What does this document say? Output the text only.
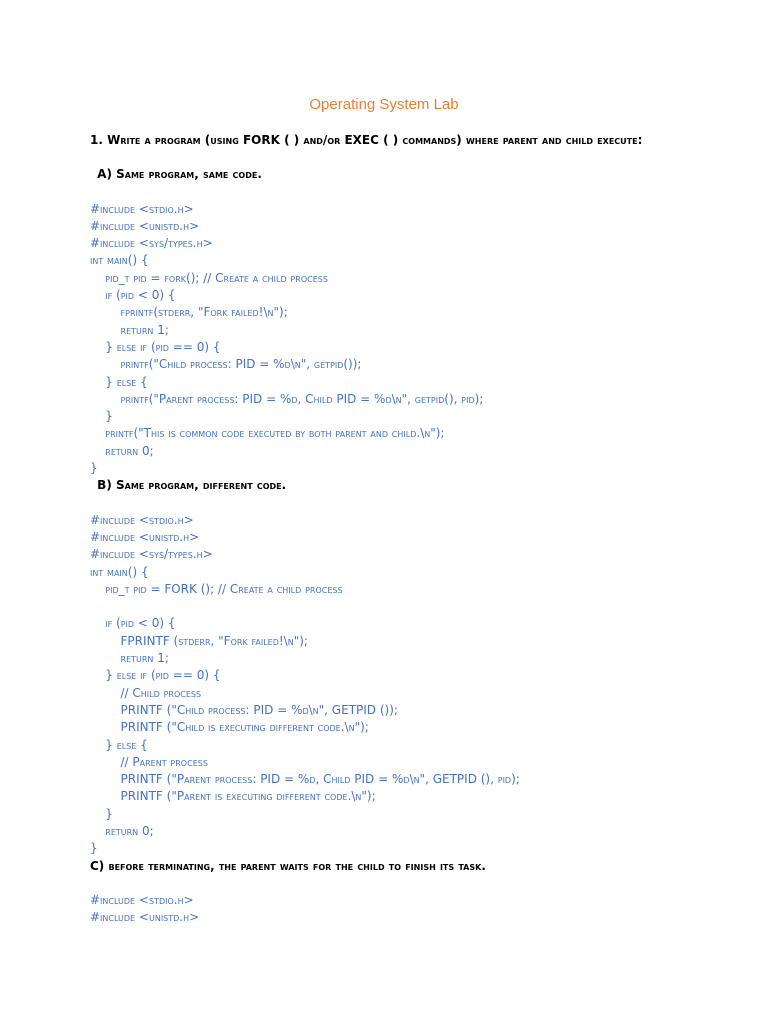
Operating System Lab

1. Write a program (using FORK ( ) and/or EXEC ( ) commands) where parent and child execute:

A) Same program, same code.

#include <stdio.h>
#include <unistd.h>
#include <sys/types.h>
int main() {
pid_t pid = fork(); // Create a child process
if (pid < 0) {
fprintf(stderr, "Fork failed!\n");
return 1;
} else if (pid == 0) {
printf("Child process: PID = %d\n", getpid());
} else {
printf("Parent process: PID = %d, Child PID = %d\n", getpid(), pid);
}
printf("This is common code executed by both parent and child.\n");
return 0;
}

B) Same program, different code.

#include <stdio.h>
#include <unistd.h>
#include <sys/types.h>
int main() {
pid_t pid = FORK (); // Create a child process
if (pid < 0) {
FPRINTF (stderr, "Fork failed!\n");
return 1;
} else if (pid == 0) {
// Child process
PRINTF ("Child process: PID = %d\n", GETPID ());
PRINTF ("Child is executing different code.\n");
} else {
// Parent process
PRINTF ("Parent process: PID = %d, Child PID = %d\n", GETPID (), pid);
PRINTF ("Parent is executing different code.\n");
}
return 0;
}

C) before terminating, the parent waits for the child to finish its task.

#include <stdio.h>
#include <unistd.h>
